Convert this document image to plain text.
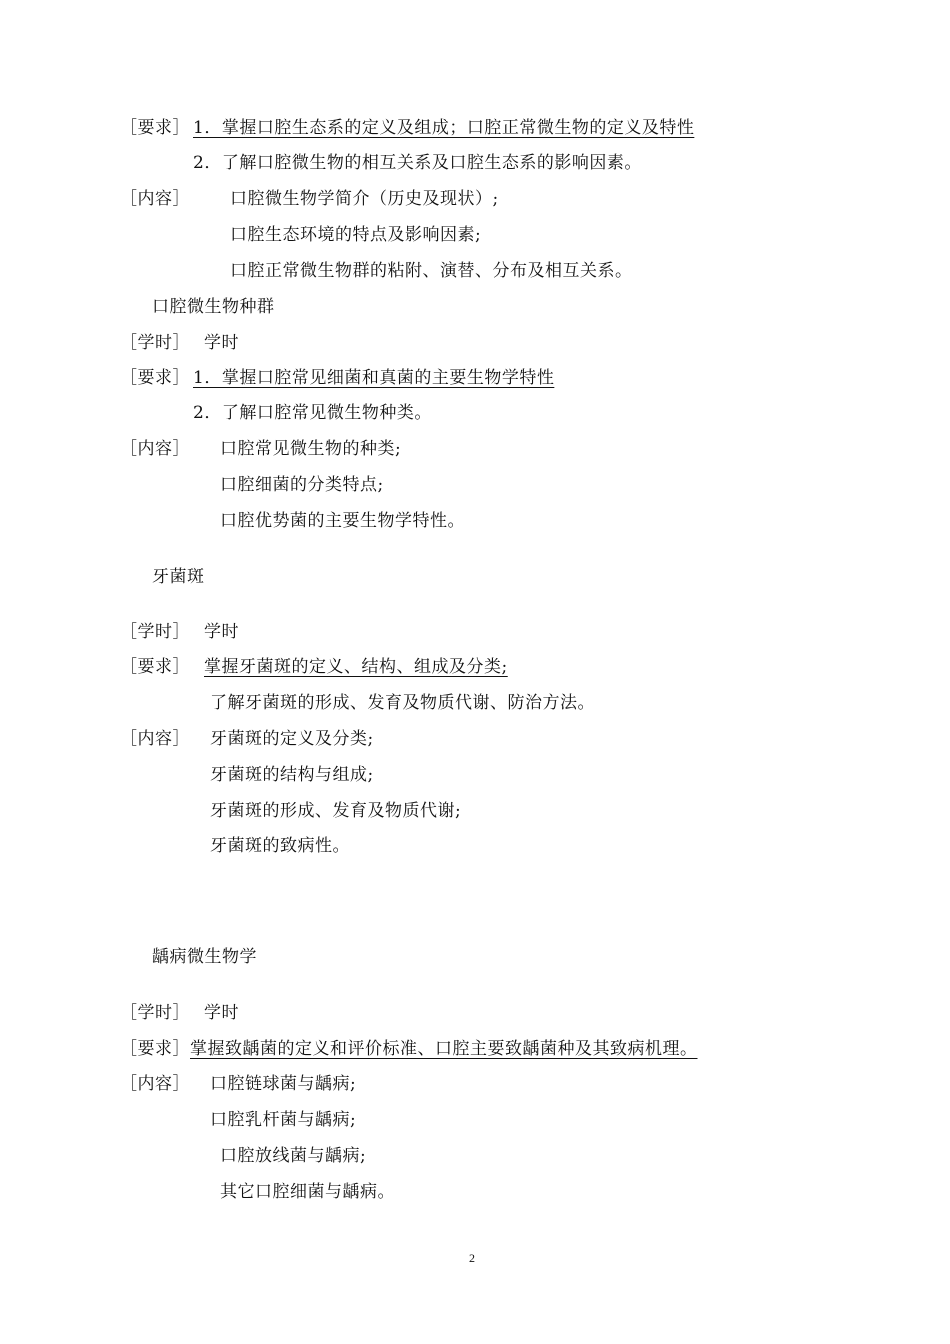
［要求］ 1．掌握口腔生态系的定义及组成；口腔正常微生物的定义及特性
2．了解口腔微生物的相互关系及口腔生态系的影响因素。
［内容］ 口腔微生物学简介（历史及现状）;
口腔生态环境的特点及影响因素;
口腔正常微生物群的粘附、演替、分布及相互关系。
口腔微生物种群
［学时］ 学时
［要求］ 1．掌握口腔常见细菌和真菌的主要生物学特性
2．了解口腔常见微生物种类。
［内容］ 口腔常见微生物的种类;
口腔细菌的分类特点;
口腔优势菌的主要生物学特性。
牙菌斑
［学时］ 学时
［要求］ 掌握牙菌斑的定义、结构、组成及分类;
了解牙菌斑的形成、发育及物质代谢、防治方法。
［内容］ 牙菌斑的定义及分类;
牙菌斑的结构与组成;
牙菌斑的形成、发育及物质代谢;
牙菌斑的致病性。
龋病微生物学
［学时］ 学时
［要求］ 掌握致龋菌的定义和评价标准、口腔主要致龋菌种及其致病机理。
［内容］ 口腔链球菌与龋病;
口腔乳杆菌与龋病;
口腔放线菌与龋病;
其它口腔细菌与龋病。
2
